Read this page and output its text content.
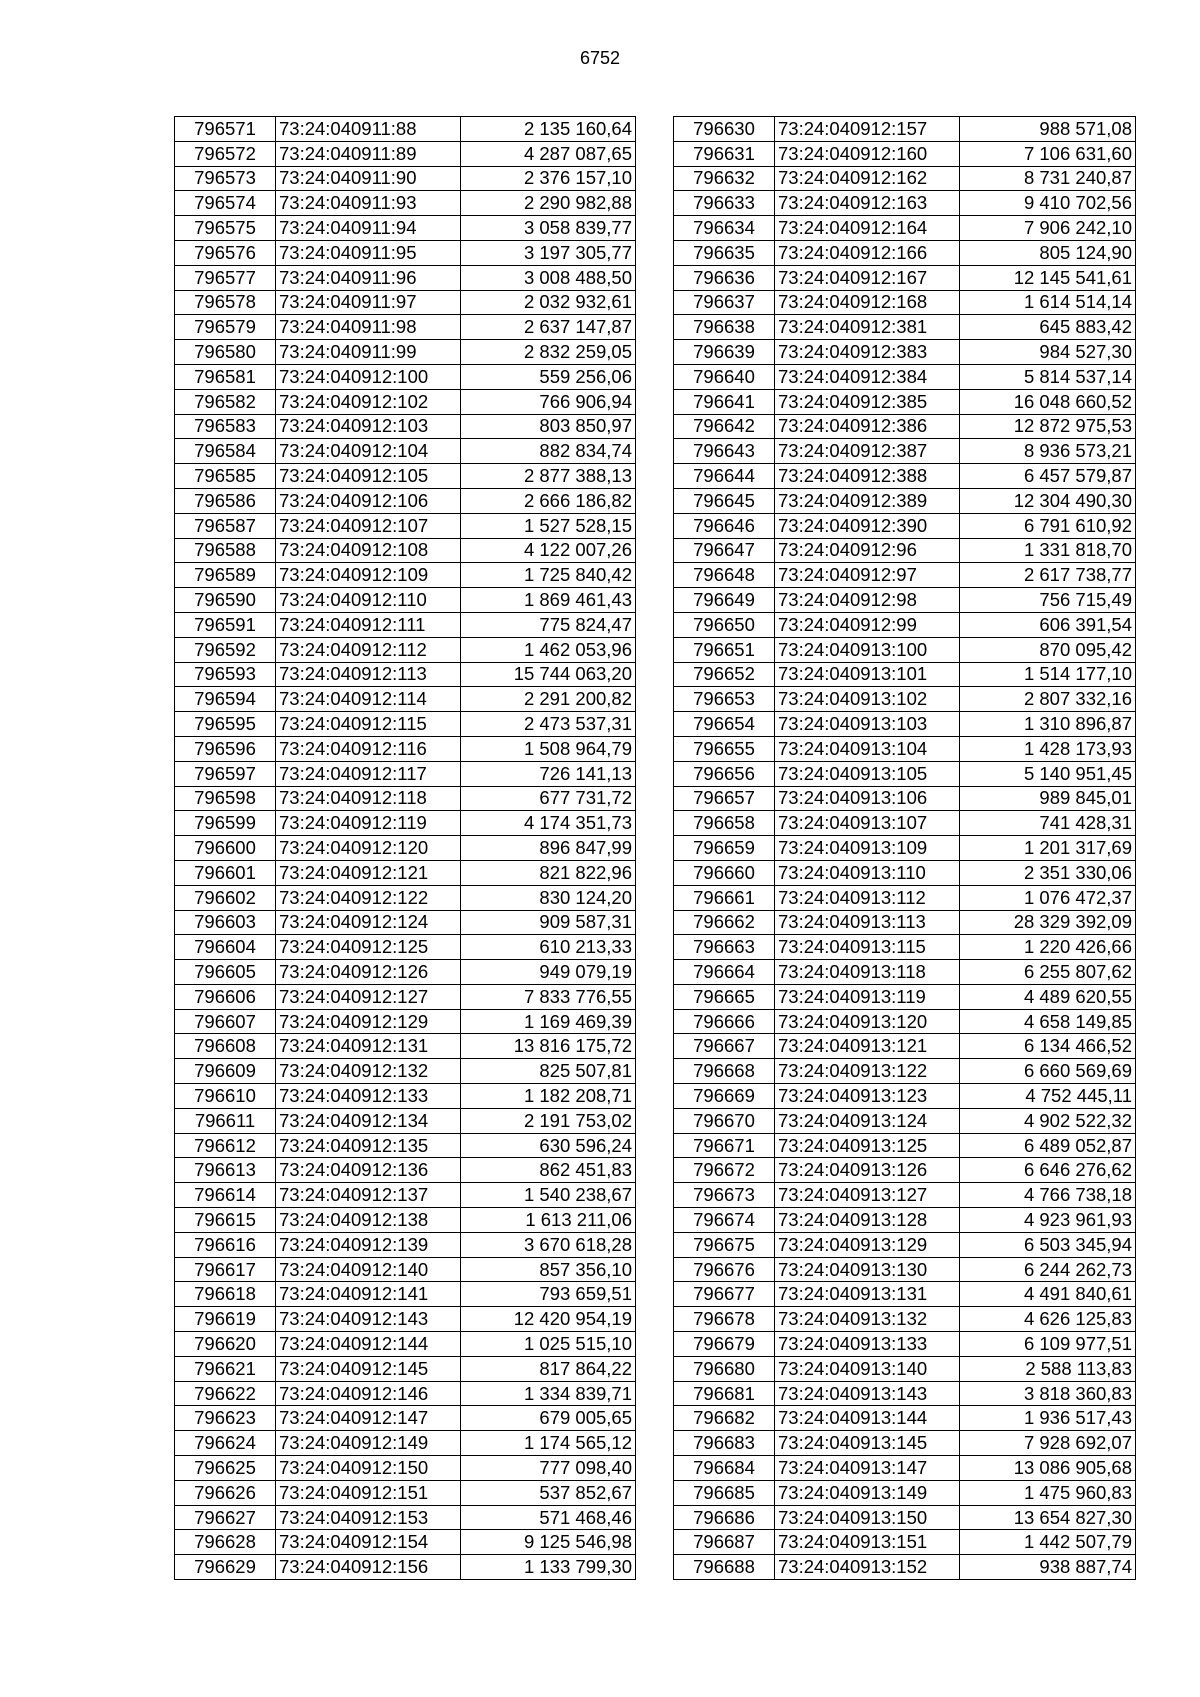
6752
796571	73:24:040911:88	2 135 160,64
796572	73:24:040911:89	4 287 087,65
796573	73:24:040911:90	2 376 157,10
796574	73:24:040911:93	2 290 982,88
796575	73:24:040911:94	3 058 839,77
796576	73:24:040911:95	3 197 305,77
796577	73:24:040911:96	3 008 488,50
796578	73:24:040911:97	2 032 932,61
796579	73:24:040911:98	2 637 147,87
796580	73:24:040911:99	2 832 259,05
796581	73:24:040912:100	559 256,06
796582	73:24:040912:102	766 906,94
796583	73:24:040912:103	803 850,97
796584	73:24:040912:104	882 834,74
796585	73:24:040912:105	2 877 388,13
796586	73:24:040912:106	2 666 186,82
796587	73:24:040912:107	1 527 528,15
796588	73:24:040912:108	4 122 007,26
796589	73:24:040912:109	1 725 840,42
796590	73:24:040912:110	1 869 461,43
796591	73:24:040912:111	775 824,47
796592	73:24:040912:112	1 462 053,96
796593	73:24:040912:113	15 744 063,20
796594	73:24:040912:114	2 291 200,82
796595	73:24:040912:115	2 473 537,31
796596	73:24:040912:116	1 508 964,79
796597	73:24:040912:117	726 141,13
796598	73:24:040912:118	677 731,72
796599	73:24:040912:119	4 174 351,73
796600	73:24:040912:120	896 847,99
796601	73:24:040912:121	821 822,96
796602	73:24:040912:122	830 124,20
796603	73:24:040912:124	909 587,31
796604	73:24:040912:125	610 213,33
796605	73:24:040912:126	949 079,19
796606	73:24:040912:127	7 833 776,55
796607	73:24:040912:129	1 169 469,39
796608	73:24:040912:131	13 816 175,72
796609	73:24:040912:132	825 507,81
796610	73:24:040912:133	1 182 208,71
796611	73:24:040912:134	2 191 753,02
796612	73:24:040912:135	630 596,24
796613	73:24:040912:136	862 451,83
796614	73:24:040912:137	1 540 238,67
796615	73:24:040912:138	1 613 211,06
796616	73:24:040912:139	3 670 618,28
796617	73:24:040912:140	857 356,10
796618	73:24:040912:141	793 659,51
796619	73:24:040912:143	12 420 954,19
796620	73:24:040912:144	1 025 515,10
796621	73:24:040912:145	817 864,22
796622	73:24:040912:146	1 334 839,71
796623	73:24:040912:147	679 005,65
796624	73:24:040912:149	1 174 565,12
796625	73:24:040912:150	777 098,40
796626	73:24:040912:151	537 852,67
796627	73:24:040912:153	571 468,46
796628	73:24:040912:154	9 125 546,98
796629	73:24:040912:156	1 133 799,30
796630	73:24:040912:157	988 571,08
796631	73:24:040912:160	7 106 631,60
796632	73:24:040912:162	8 731 240,87
796633	73:24:040912:163	9 410 702,56
796634	73:24:040912:164	7 906 242,10
796635	73:24:040912:166	805 124,90
796636	73:24:040912:167	12 145 541,61
796637	73:24:040912:168	1 614 514,14
796638	73:24:040912:381	645 883,42
796639	73:24:040912:383	984 527,30
796640	73:24:040912:384	5 814 537,14
796641	73:24:040912:385	16 048 660,52
796642	73:24:040912:386	12 872 975,53
796643	73:24:040912:387	8 936 573,21
796644	73:24:040912:388	6 457 579,87
796645	73:24:040912:389	12 304 490,30
796646	73:24:040912:390	6 791 610,92
796647	73:24:040912:96	1 331 818,70
796648	73:24:040912:97	2 617 738,77
796649	73:24:040912:98	756 715,49
796650	73:24:040912:99	606 391,54
796651	73:24:040913:100	870 095,42
796652	73:24:040913:101	1 514 177,10
796653	73:24:040913:102	2 807 332,16
796654	73:24:040913:103	1 310 896,87
796655	73:24:040913:104	1 428 173,93
796656	73:24:040913:105	5 140 951,45
796657	73:24:040913:106	989 845,01
796658	73:24:040913:107	741 428,31
796659	73:24:040913:109	1 201 317,69
796660	73:24:040913:110	2 351 330,06
796661	73:24:040913:112	1 076 472,37
796662	73:24:040913:113	28 329 392,09
796663	73:24:040913:115	1 220 426,66
796664	73:24:040913:118	6 255 807,62
796665	73:24:040913:119	4 489 620,55
796666	73:24:040913:120	4 658 149,85
796667	73:24:040913:121	6 134 466,52
796668	73:24:040913:122	6 660 569,69
796669	73:24:040913:123	4 752 445,11
796670	73:24:040913:124	4 902 522,32
796671	73:24:040913:125	6 489 052,87
796672	73:24:040913:126	6 646 276,62
796673	73:24:040913:127	4 766 738,18
796674	73:24:040913:128	4 923 961,93
796675	73:24:040913:129	6 503 345,94
796676	73:24:040913:130	6 244 262,73
796677	73:24:040913:131	4 491 840,61
796678	73:24:040913:132	4 626 125,83
796679	73:24:040913:133	6 109 977,51
796680	73:24:040913:140	2 588 113,83
796681	73:24:040913:143	3 818 360,83
796682	73:24:040913:144	1 936 517,43
796683	73:24:040913:145	7 928 692,07
796684	73:24:040913:147	13 086 905,68
796685	73:24:040913:149	1 475 960,83
796686	73:24:040913:150	13 654 827,30
796687	73:24:040913:151	1 442 507,79
796688	73:24:040913:152	938 887,74
